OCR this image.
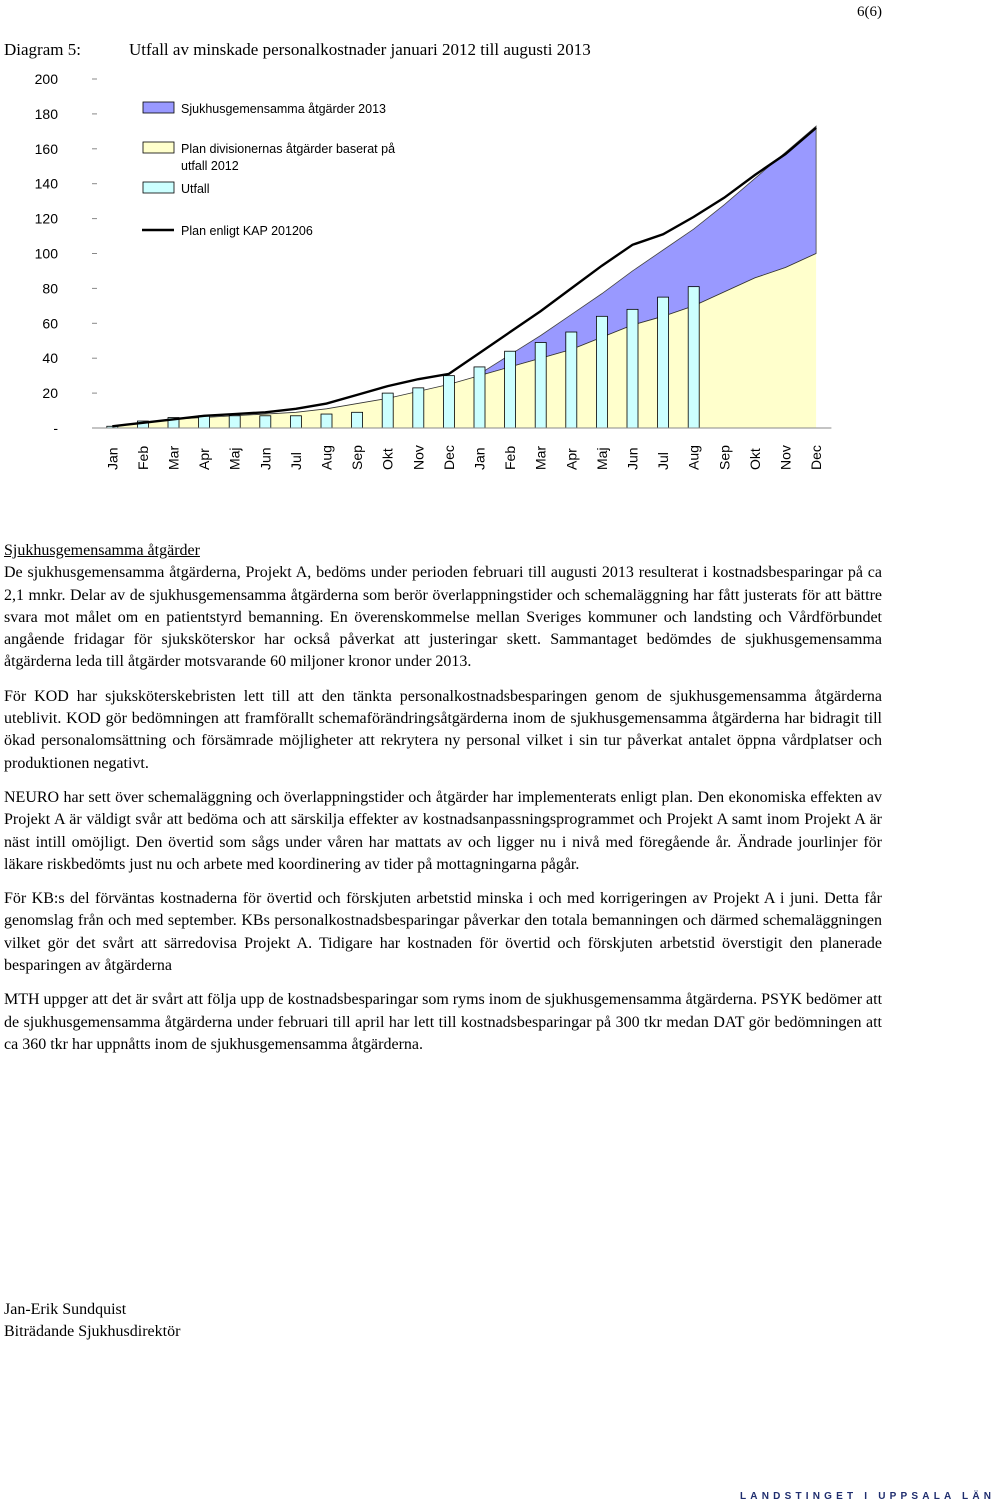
6(6)
Diagram 5:	Utfall av minskade personalkostnader januari 2012 till augusti 2013
200
180
160
140
120
100
80
60
40
20
-
Jan Feb Mar Apr Maj Jun Jul Aug Sep Okt Nov Dec Jan Feb Mar Apr Maj Jun Jul Aug Sep Okt Nov Dec
Sjukhusgemensamma åtgärder 2013
Plan divisionernas åtgärder baserat på utfall 2012
Utfall
Plan enligt KAP 201206
Sjukhusgemensamma åtgärder

De sjukhusgemensamma åtgärderna, Projekt A, bedöms under perioden februari till augusti 2013 resulterat i kostnadsbesparingar på ca 2,1 mnkr. Delar av de sjukhusgemensamma åtgärderna som berör överlappningstider och schemaläggning har fått justerats för att bättre svara mot målet om en patientstyrd bemanning. En överenskommelse mellan Sveriges kommuner och landsting och Vårdförbundet angående fridagar för sjuksköterskor har också påverkat att justeringar skett. Sammantaget bedömdes de sjukhusgemensamma åtgärderna leda till åtgärder motsvarande 60 miljoner kronor under 2013.

För KOD har sjuksköterskebristen lett till att den tänkta personalkostnadsbesparingen genom de sjukhusgemensamma åtgärderna uteblivit. KOD gör bedömningen att framförallt schemaförändringsåtgärderna inom de sjukhusgemensamma åtgärderna har bidragit till ökad personalomsättning och försämrade möjligheter att rekrytera ny personal vilket i sin tur påverkat antalet öppna vårdplatser och produktionen negativt.

NEURO har sett över schemaläggning och överlappningstider och åtgärder har implementerats enligt plan. Den ekonomiska effekten av Projekt A är väldigt svår att bedöma och att särskilja effekter av kostnadsanpassningsprogrammet och Projekt A samt inom Projekt A är näst intill omöjligt. Den övertid som sågs under våren har mattats av och ligger nu i nivå med föregående år. Ändrade jourlinjer för läkare riskbedömts just nu och arbete med koordinering av tider på mottagningarna pågår.

För KB:s del förväntas kostnaderna för övertid och förskjuten arbetstid minska i och med korrigeringen av Projekt A i juni. Detta får genomslag från och med september. KBs personalkostnadsbesparingar påverkar den totala bemanningen och därmed schemaläggningen vilket gör det svårt att särredovisa Projekt A. Tidigare har kostnaden för övertid och förskjuten arbetstid överstigit den planerade besparingen av åtgärderna

MTH uppger att det är svårt att följa upp de kostnadsbesparingar som ryms inom de sjukhusgemensamma åtgärderna. PSYK bedömer att de sjukhusgemensamma åtgärderna under februari till april har lett till kostnadsbesparingar på 300 tkr medan DAT gör bedömningen att ca 360 tkr har uppnåtts inom de sjukhusgemensamma åtgärderna.

Jan-Erik Sundquist
Biträdande Sjukhusdirektör
LANDSTINGET I UPPSALA LÄN
